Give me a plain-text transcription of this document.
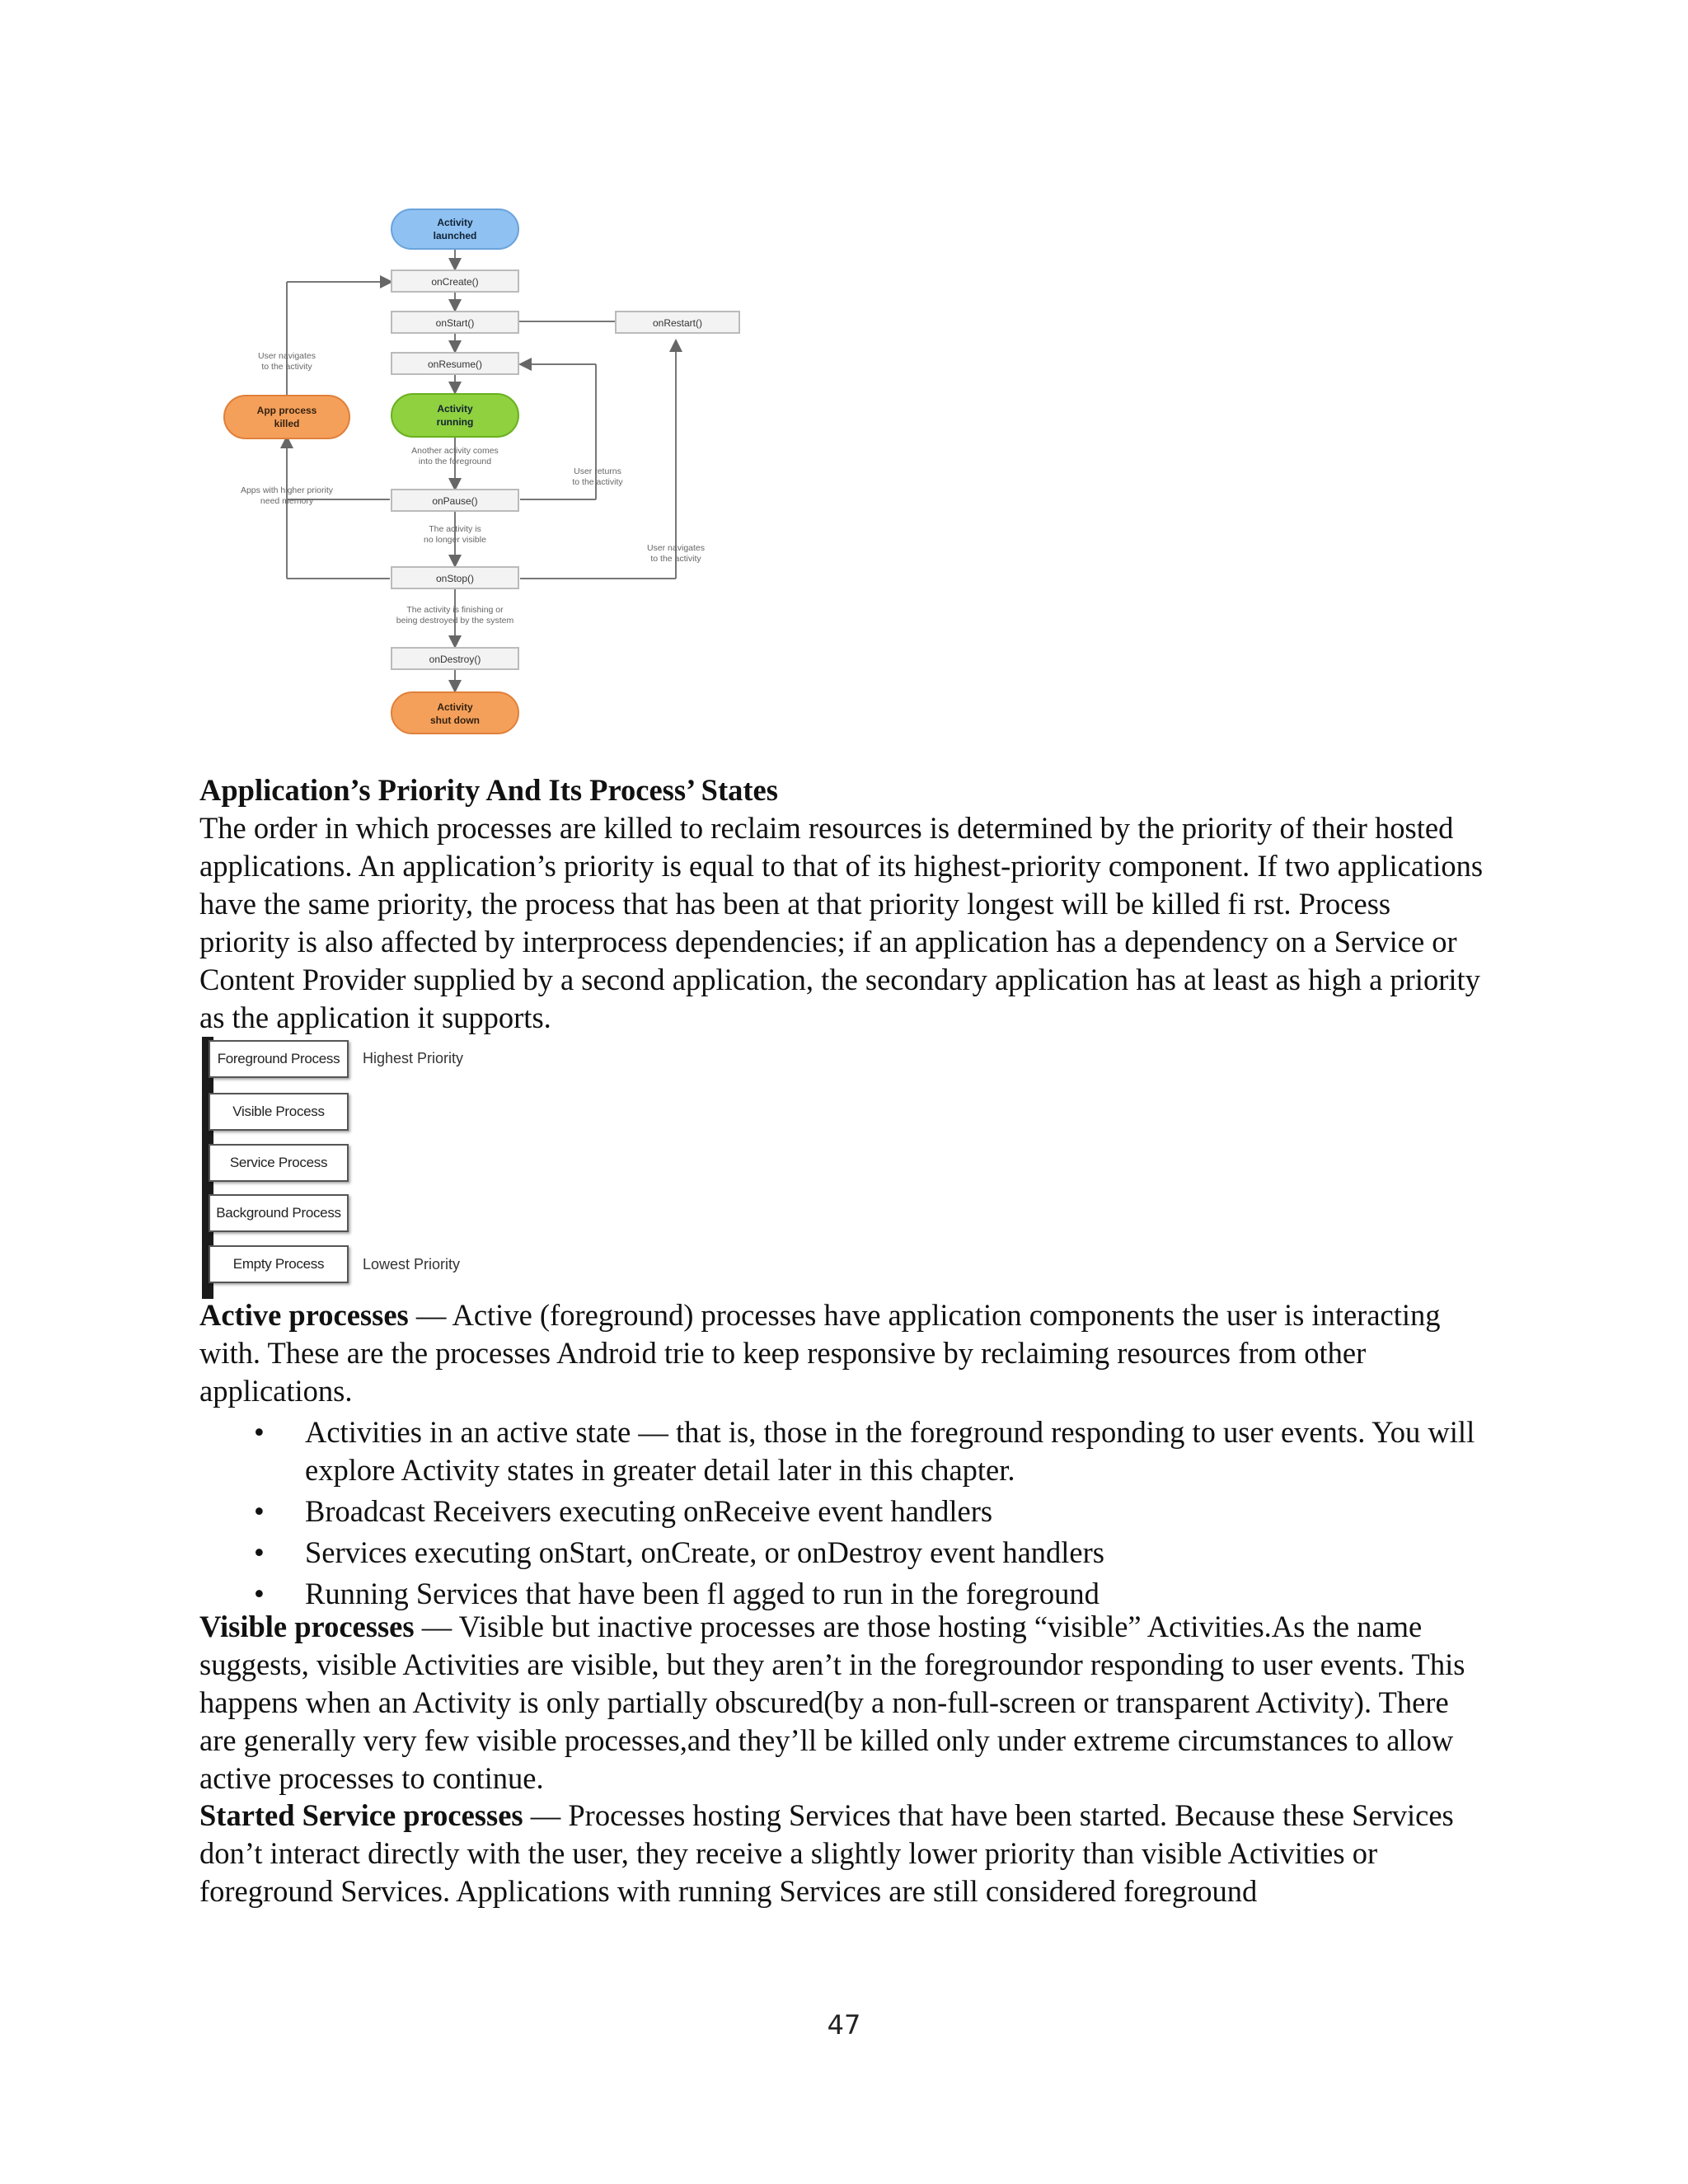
Activity
launched
onCreate()
onStart()	onRestart()
onResume()
Activity
running
App process
killed
onPause()
onStop()
onDestroy()
Activity
shut down
User navigates
to the activity
Apps with higher priority
need memory
Another activity comes
into the foreground
User returns
to the activity
The activity is
no longer visible
User navigates
to the activity
The activity is finishing or
being destroyed by the system

Application’s Priority And Its Process’ States

The order in which processes are killed to reclaim resources is determined by the priority of their hosted applications. An application’s priority is equal to that of its highest-priority component. If two applications have the same priority, the process that has been at that priority longest will be killed fi rst. Process priority is also affected by interprocess dependencies; if an application has a dependency on a Service or Content Provider supplied by a second application, the secondary application has at least as high a priority as the application it supports.

Foreground Process
Visible Process
Service Process
Background Process
Empty Process
Highest Priority
Lowest Priority

Active processes — Active (foreground) processes have application components the user is interacting with. These are the processes Android trie to keep responsive by reclaiming resources from other applications.

• Activities in an active state — that is, those in the foreground responding to user events. You will explore Activity states in greater detail later in this chapter.
• Broadcast Receivers executing onReceive event handlers
• Services executing onStart, onCreate, or onDestroy event handlers
• Running Services that have been fl agged to run in the foreground

Visible processes — Visible but inactive processes are those hosting “visible” Activities.As the name suggests, visible Activities are visible, but they aren’t in the foregroundor responding to user events. This happens when an Activity is only partially obscured(by a non-full-screen or transparent Activity). There are generally very few visible processes,and they’ll be killed only under extreme circumstances to allow active processes to continue.

Started Service processes — Processes hosting Services that have been started. Because these Services don’t interact directly with the user, they receive a slightly lower priority than visible Activities or foreground Services. Applications with running Services are still considered foreground

47
